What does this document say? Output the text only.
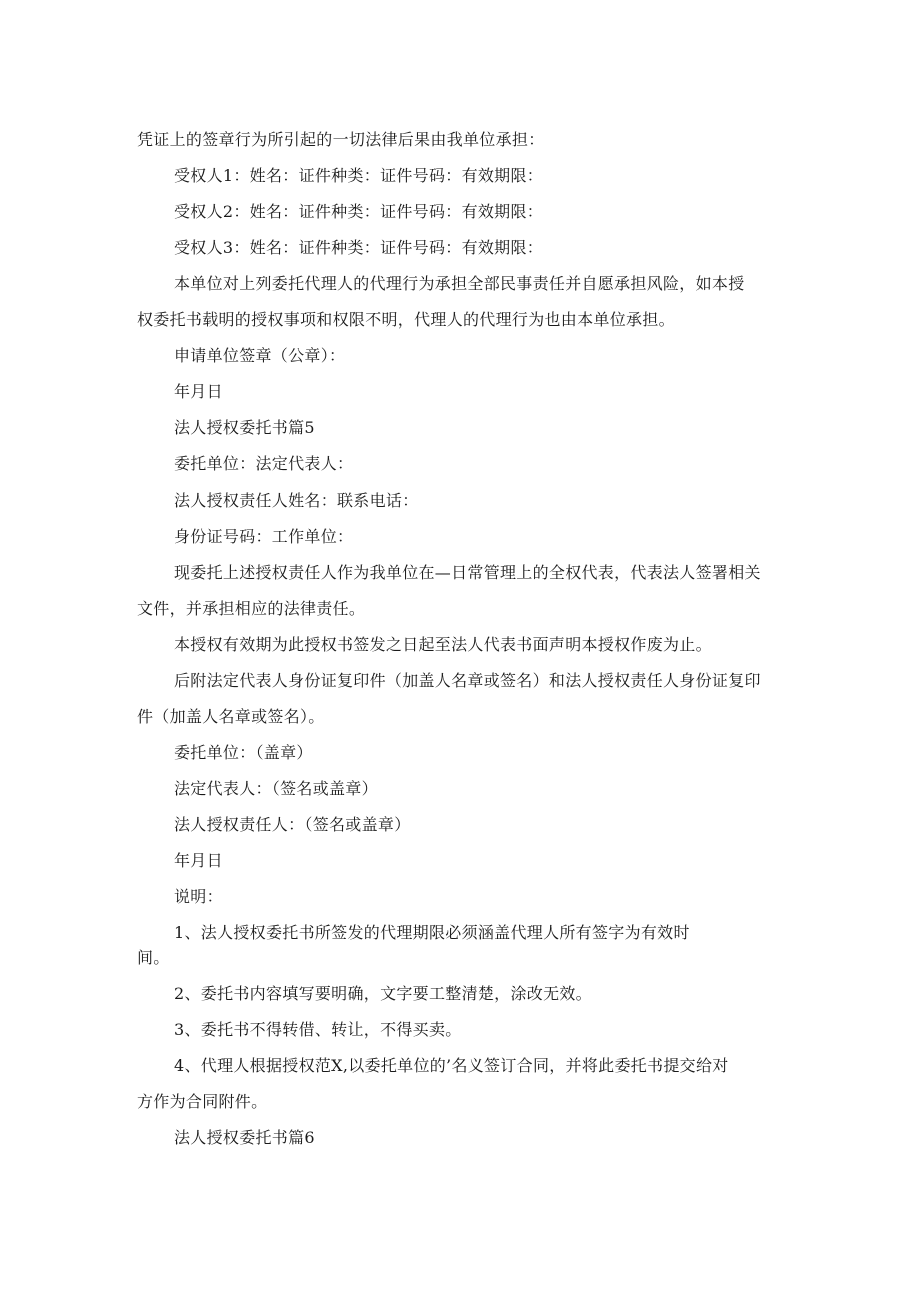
凭证上的签章行为所引起的一切法律后果由我单位承担：
受权人1：姓名：证件种类：证件号码：有效期限：
受权人2：姓名：证件种类：证件号码：有效期限：
受权人3：姓名：证件种类：证件号码：有效期限：
本单位对上列委托代理人的代理行为承担全部民事责任并自愿承担风险，如本授
权委托书载明的授权事项和权限不明，代理人的代理行为也由本单位承担。
申请单位签章（公章）：
年月日
法人授权委托书篇5
委托单位：法定代表人：
法人授权责任人姓名：联系电话：
身份证号码：工作单位：
现委托上述授权责任人作为我单位在—日常管理上的全权代表，代表法人签署相关
文件，并承担相应的法律责任。
本授权有效期为此授权书签发之日起至法人代表书面声明本授权作废为止。
后附法定代表人身份证复印件（加盖人名章或签名）和法人授权责任人身份证复印
件（加盖人名章或签名）。
委托单位：（盖章）
法定代表人：（签名或盖章）
法人授权责任人：（签名或盖章）
年月日
说明：
1、法人授权委托书所签发的代理期限必须涵盖代理人所有签字为有效时
间。
2、委托书内容填写要明确，文字要工整清楚，涂改无效。
3、委托书不得转借、转让，不得买卖。
4、代理人根据授权范X,以委托单位的’名义签订合同，并将此委托书提交给对
方作为合同附件。
法人授权委托书篇6
